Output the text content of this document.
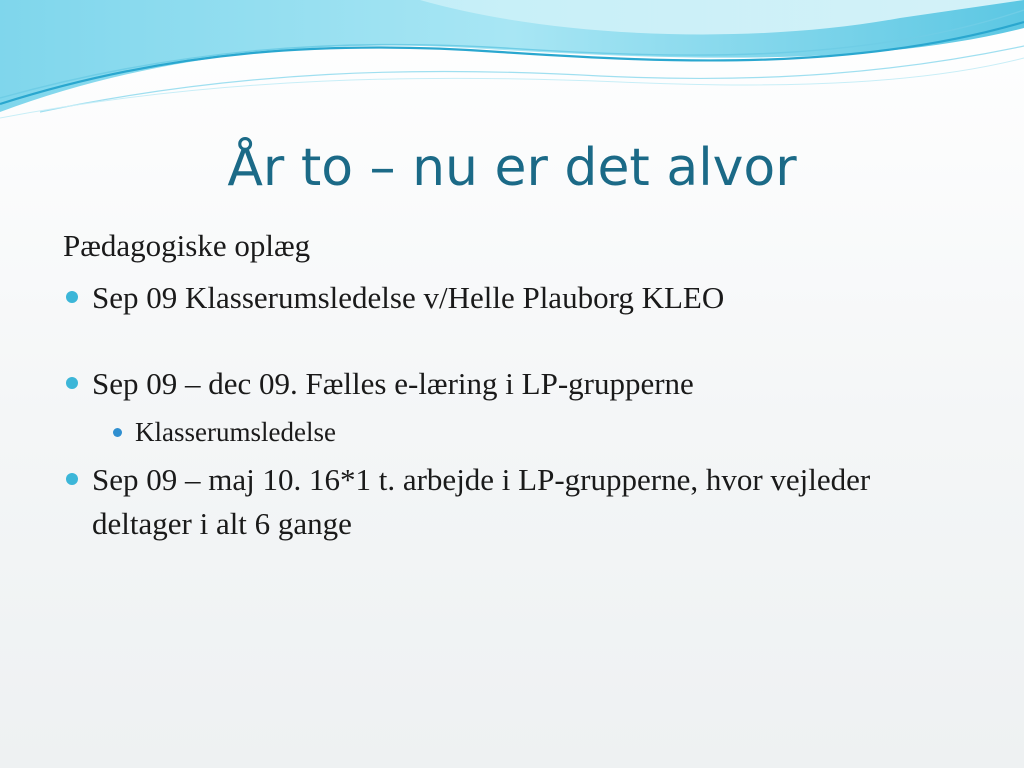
År to – nu er det alvor

Pædagogiske oplæg

Sep 09 Klasserumsledelse v/Helle Plauborg KLEO
Sep 09 – dec 09. Fælles e-læring i LP-grupperne
Klasserumsledelse
Sep 09 – maj 10. 16*1 t. arbejde i LP-grupperne, hvor vejleder deltager i alt 6 gange
